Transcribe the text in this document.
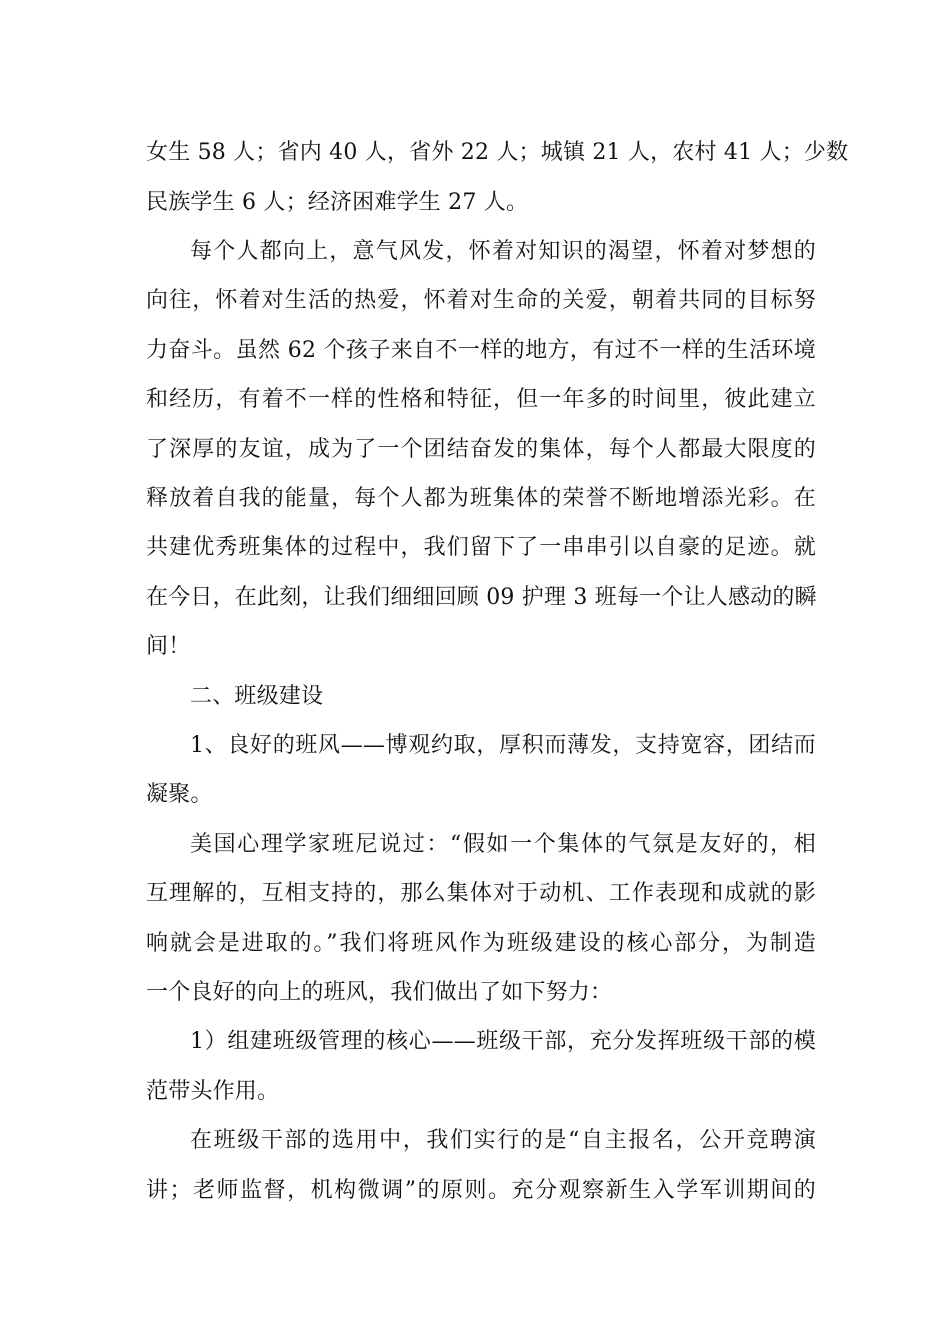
女生 58 人；省内 40 人，省外 22 人；城镇 21 人，农村 41 人；少数
民族学生 6 人；经济困难学生 27 人。
每个人都向上，意气风发，怀着对知识的渴望，怀着对梦想的
向往，怀着对生活的热爱，怀着对生命的关爱，朝着共同的目标努
力奋斗。虽然 62 个孩子来自不一样的地方，有过不一样的生活环境
和经历，有着不一样的性格和特征，但一年多的时间里，彼此建立
了深厚的友谊，成为了一个团结奋发的集体，每个人都最大限度的
释放着自我的能量，每个人都为班集体的荣誉不断地增添光彩。在
共建优秀班集体的过程中，我们留下了一串串引以自豪的足迹。就
在今日，在此刻，让我们细细回顾 09 护理 3 班每一个让人感动的瞬
间！
二、班级建设
1、良好的班风——博观约取，厚积而薄发，支持宽容，团结而
凝聚。
美国心理学家班尼说过：“假如一个集体的气氛是友好的，相
互理解的，互相支持的，那么集体对于动机、工作表现和成就的影
响就会是进取的。”我们将班风作为班级建设的核心部分，为制造
一个良好的向上的班风，我们做出了如下努力：
1）组建班级管理的核心——班级干部，充分发挥班级干部的模
范带头作用。
在班级干部的选用中，我们实行的是“自主报名，公开竞聘演
讲；老师监督，机构微调”的原则。充分观察新生入学军训期间的
